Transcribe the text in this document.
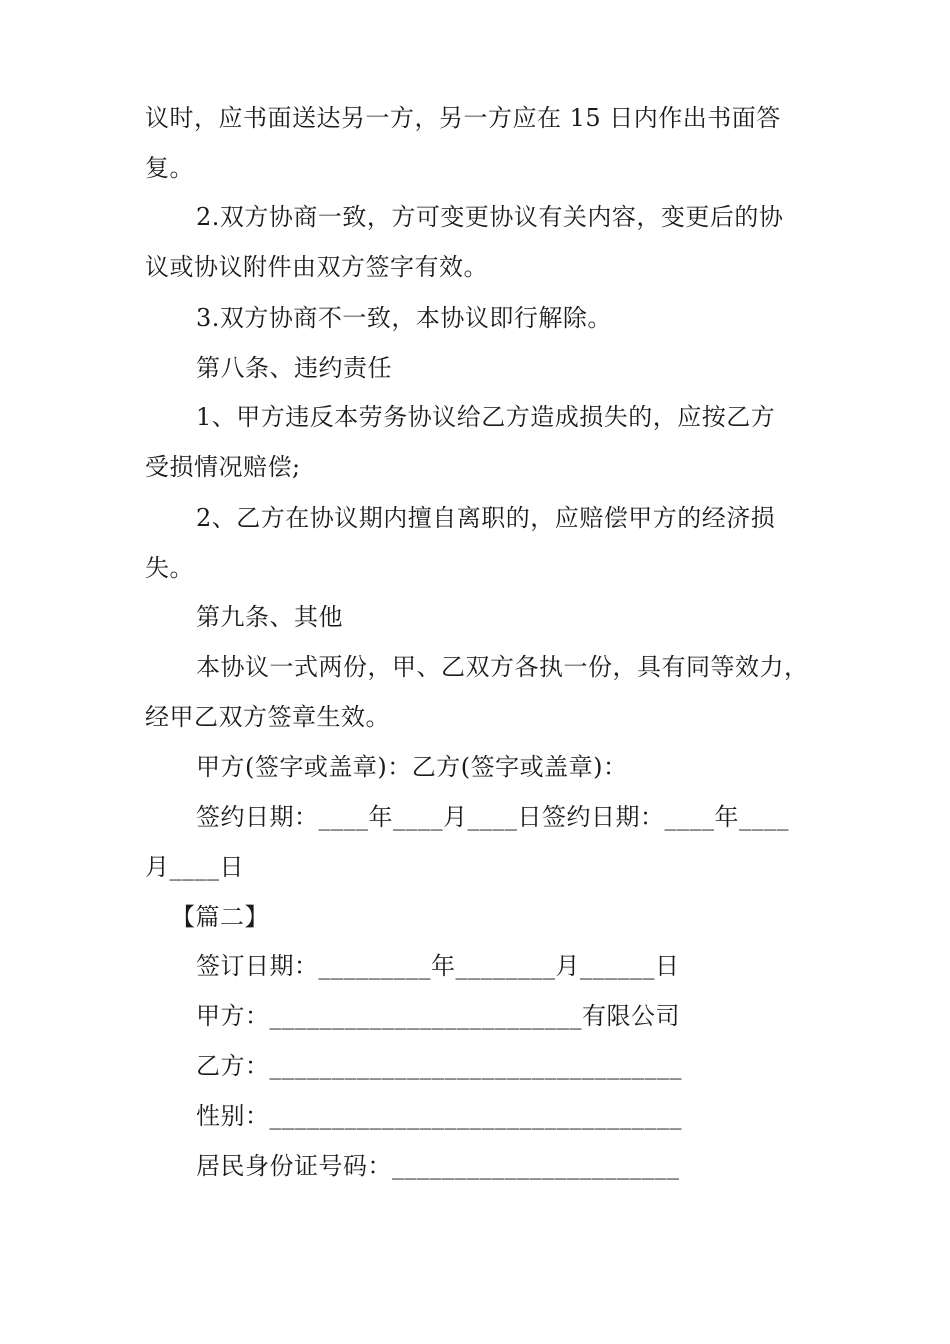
议时，应书面送达另一方，另一方应在 15 日内作出书面答
复。
2.双方协商一致，方可变更协议有关内容，变更后的协
议或协议附件由双方签字有效。
3.双方协商不一致，本协议即行解除。
第八条、违约责任
1、甲方违反本劳务协议给乙方造成损失的，应按乙方
受损情况赔偿;
2、乙方在协议期内擅自离职的，应赔偿甲方的经济损
失。
第九条、其他
本协议一式两份，甲、乙双方各执一份，具有同等效力，
经甲乙双方签章生效。
甲方(签字或盖章)：乙方(签字或盖章)：
签约日期：____年____月____日签约日期：____年____
月____日
【篇二】
签订日期：_________年________月______日
甲方：_________________________有限公司
乙方：_________________________________
性别：_________________________________
居民身份证号码：_______________________
